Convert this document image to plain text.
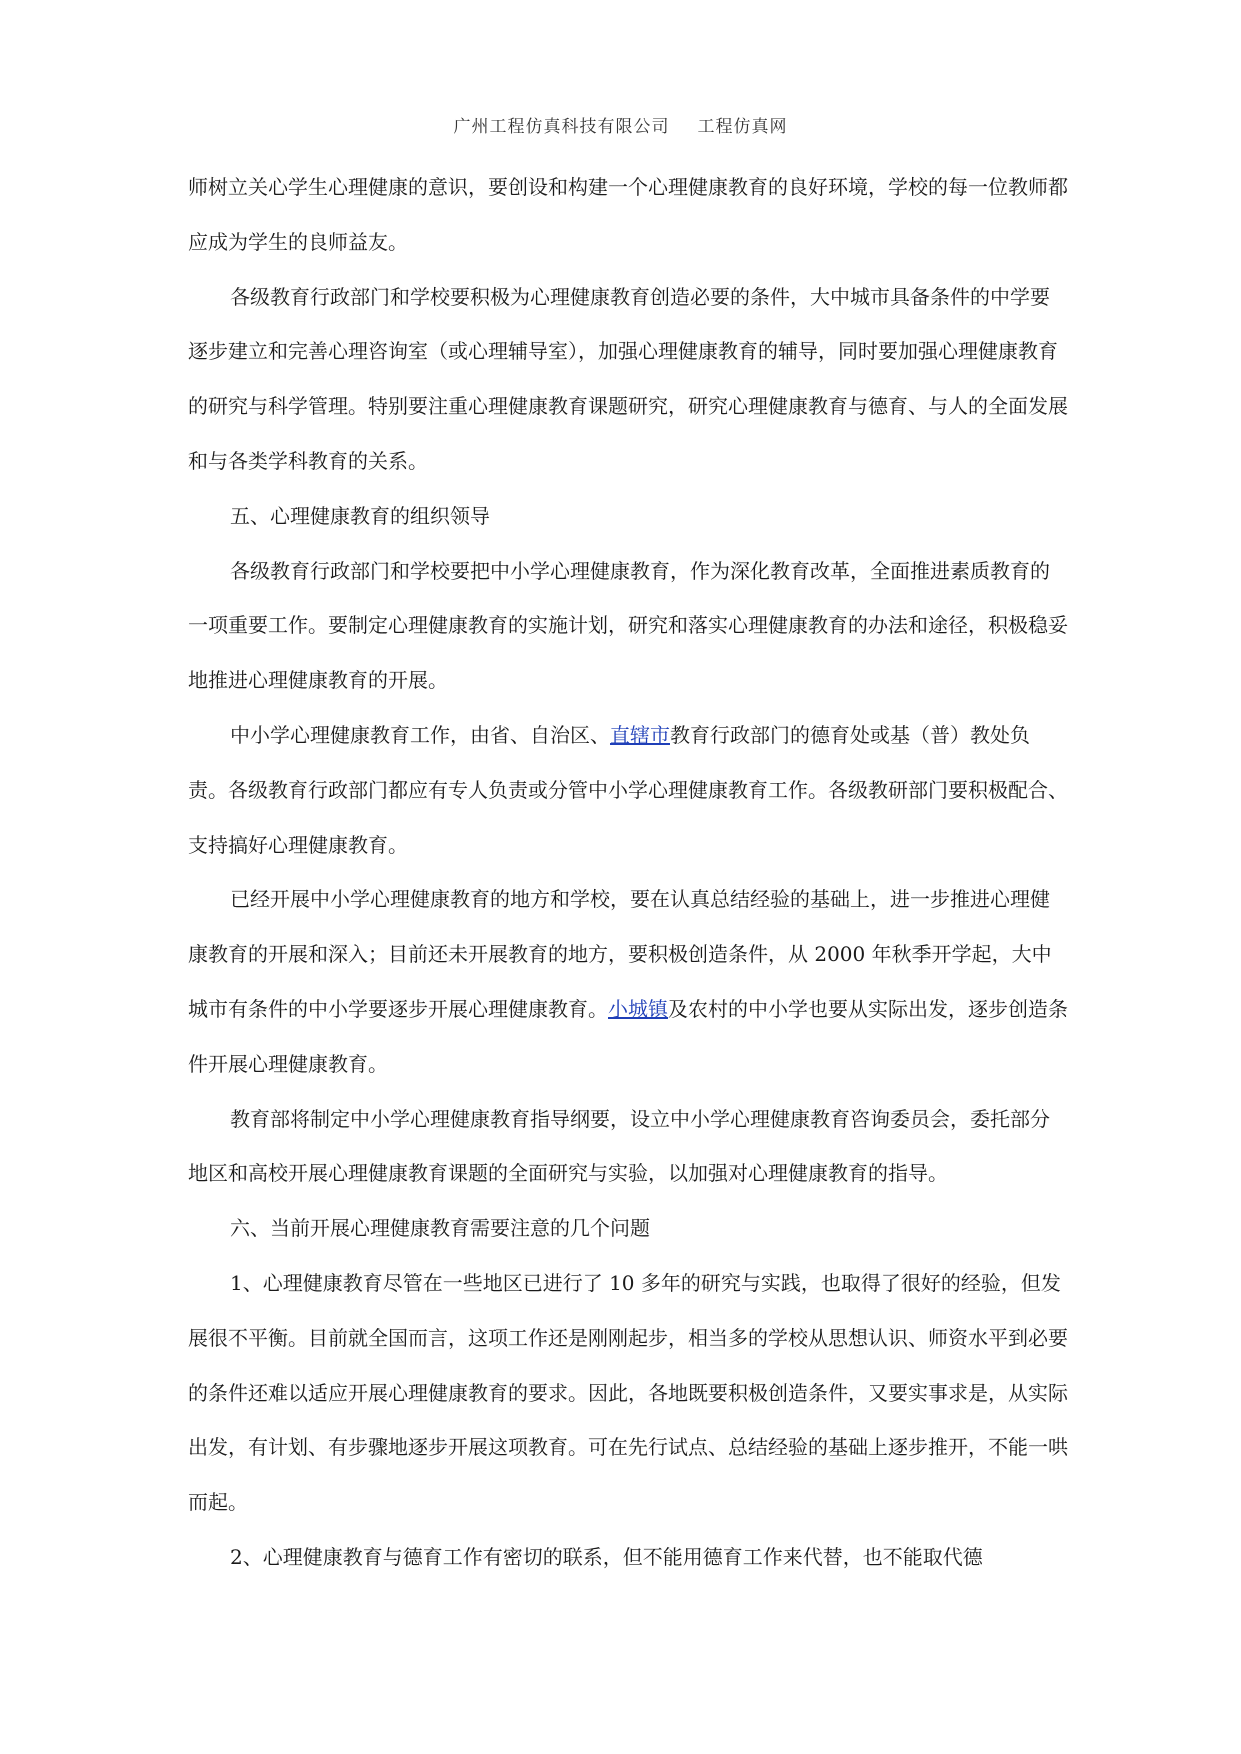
广州工程仿真科技有限公司 工程仿真网

师树立关心学生心理健康的意识，要创设和构建一个心理健康教育的良好环境，学校的每一位教师都应成为学生的良师益友。

各级教育行政部门和学校要积极为心理健康教育创造必要的条件，大中城市具备条件的中学要逐步建立和完善心理咨询室（或心理辅导室），加强心理健康教育的辅导，同时要加强心理健康教育的研究与科学管理。特别要注重心理健康教育课题研究，研究心理健康教育与德育、与人的全面发展和与各类学科教育的关系。

五、心理健康教育的组织领导

各级教育行政部门和学校要把中小学心理健康教育，作为深化教育改革，全面推进素质教育的一项重要工作。要制定心理健康教育的实施计划，研究和落实心理健康教育的办法和途径，积极稳妥地推进心理健康教育的开展。

中小学心理健康教育工作，由省、自治区、直辖市教育行政部门的德育处或基（普）教处负责。各级教育行政部门都应有专人负责或分管中小学心理健康教育工作。各级教研部门要积极配合、支持搞好心理健康教育。

已经开展中小学心理健康教育的地方和学校，要在认真总结经验的基础上，进一步推进心理健康教育的开展和深入；目前还未开展教育的地方，要积极创造条件，从 2000 年秋季开学起，大中城市有条件的中小学要逐步开展心理健康教育。小城镇及农村的中小学也要从实际出发，逐步创造条件开展心理健康教育。

教育部将制定中小学心理健康教育指导纲要，设立中小学心理健康教育咨询委员会，委托部分地区和高校开展心理健康教育课题的全面研究与实验，以加强对心理健康教育的指导。

六、当前开展心理健康教育需要注意的几个问题

1、心理健康教育尽管在一些地区已进行了 10 多年的研究与实践，也取得了很好的经验，但发展很不平衡。目前就全国而言，这项工作还是刚刚起步，相当多的学校从思想认识、师资水平到必要的条件还难以适应开展心理健康教育的要求。因此，各地既要积极创造条件，又要实事求是，从实际出发，有计划、有步骤地逐步开展这项教育。可在先行试点、总结经验的基础上逐步推开，不能一哄而起。

2、心理健康教育与德育工作有密切的联系，但不能用德育工作来代替，也不能取代德
